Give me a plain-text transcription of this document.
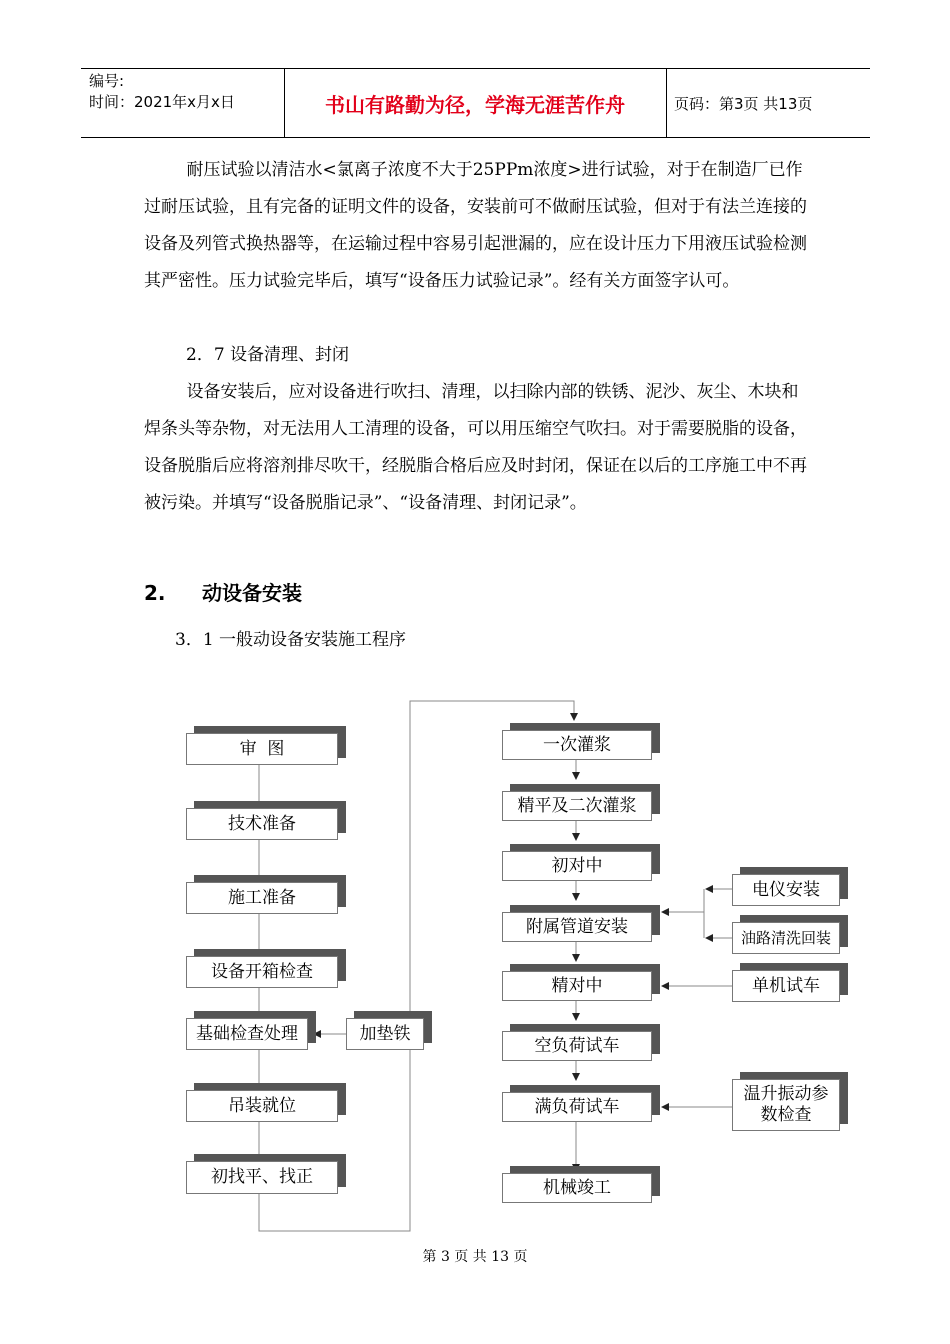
编号:
时间：2021年x月x日	书山有路勤为径，学海无涯苦作舟	页码：第3页 共13页
耐压试验以清洁水<氯离子浓度不大于25PPm浓度>进行试验，对于在制造厂已作过耐压试验，且有完备的证明文件的设备，安装前可不做耐压试验，但对于有法兰连接的设备及列管式换热器等，在运输过程中容易引起泄漏的，应在设计压力下用液压试验检测其严密性。压力试验完毕后，填写“设备压力试验记录”。经有关方面签字认可。
2．7 设备清理、封闭
设备安装后，应对设备进行吹扫、清理，以扫除内部的铁锈、泥沙、灰尘、木块和焊条头等杂物，对无法用人工清理的设备，可以用压缩空气吹扫。对于需要脱脂的设备，设备脱脂后应将溶剂排尽吹干，经脱脂合格后应及时封闭，保证在以后的工序施工中不再被污染。并填写“设备脱脂记录”、“设备清理、封闭记录”。
2. 动设备安装
3．1 一般动设备安装施工程序
审  图
技术准备
施工准备
设备开箱检查
基础检查处理	加垫铁
吊装就位
初找平、找正
一次灌浆
精平及二次灌浆
初对中
附属管道安装
精对中
空负荷试车
满负荷试车
机械竣工
电仪安装
油路清洗回装
单机试车
温升振动参数检查
第 3 页 共 13 页
